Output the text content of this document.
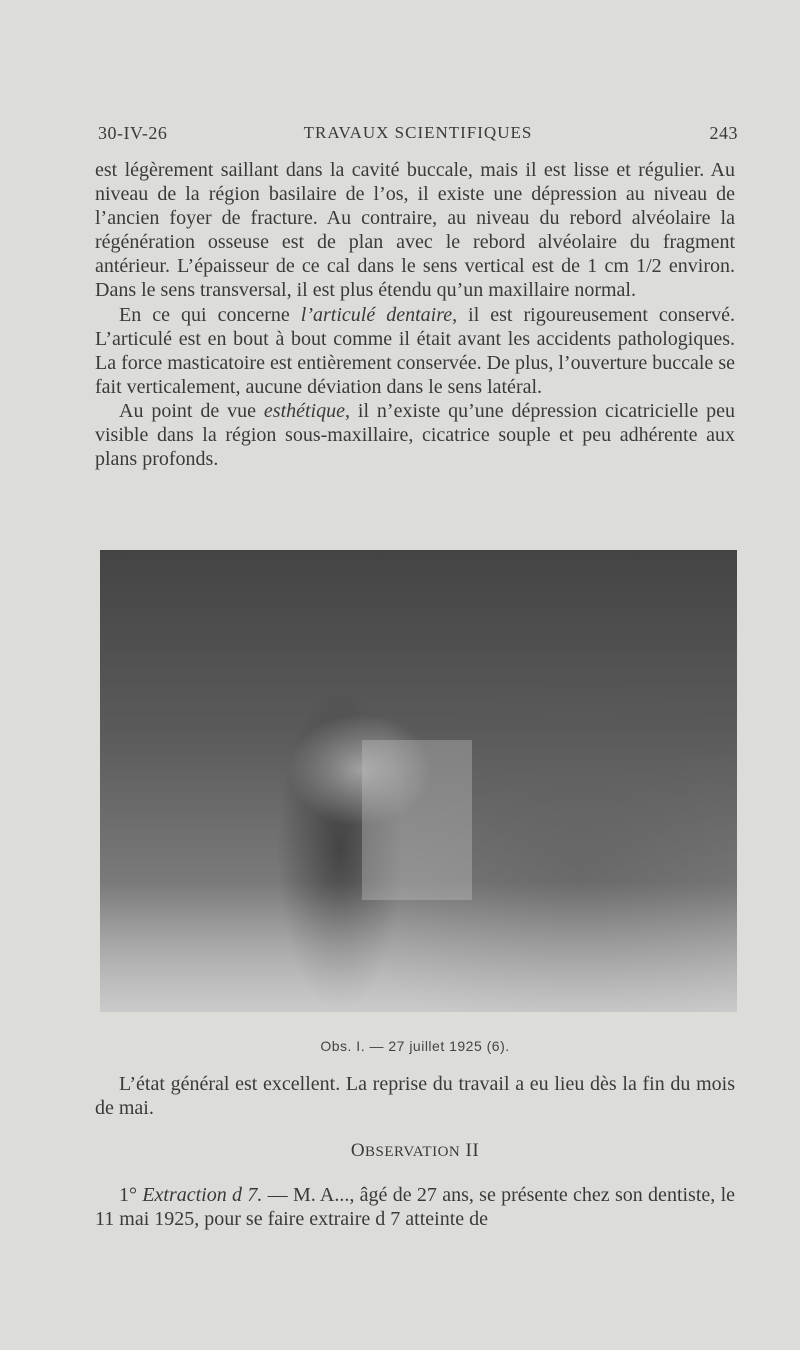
30-IV-26	TRAVAUX SCIENTIFIQUES	243

est légèrement saillant dans la cavité buccale, mais il est lisse et régulier. Au niveau de la région basilaire de l’os, il existe une dépression au niveau de l’ancien foyer de fracture. Au contraire, au niveau du rebord alvéolaire la régénération osseuse est de plan avec le rebord alvéolaire du fragment antérieur. L’épaisseur de ce cal dans le sens vertical est de 1 cm 1/2 environ. Dans le sens transversal, il est plus étendu qu’un maxillaire normal.

En ce qui concerne l’articulé dentaire, il est rigoureusement conservé. L’articulé est en bout à bout comme il était avant les accidents pathologiques. La force masticatoire est entièrement conservée. De plus, l’ouverture buccale se fait verticalement, aucune déviation dans le sens latéral.

Au point de vue esthétique, il n’existe qu’une dépression cicatricielle peu visible dans la région sous-maxillaire, cicatrice souple et peu adhérente aux plans profonds.

Obs. I. — 27 juillet 1925 (6).

L’état général est excellent. La reprise du travail a eu lieu dès la fin du mois de mai.

OBSERVATION II

1° Extraction d 7. — M. A..., âgé de 27 ans, se présente chez son dentiste, le 11 mai 1925, pour se faire extraire d 7 atteinte de
